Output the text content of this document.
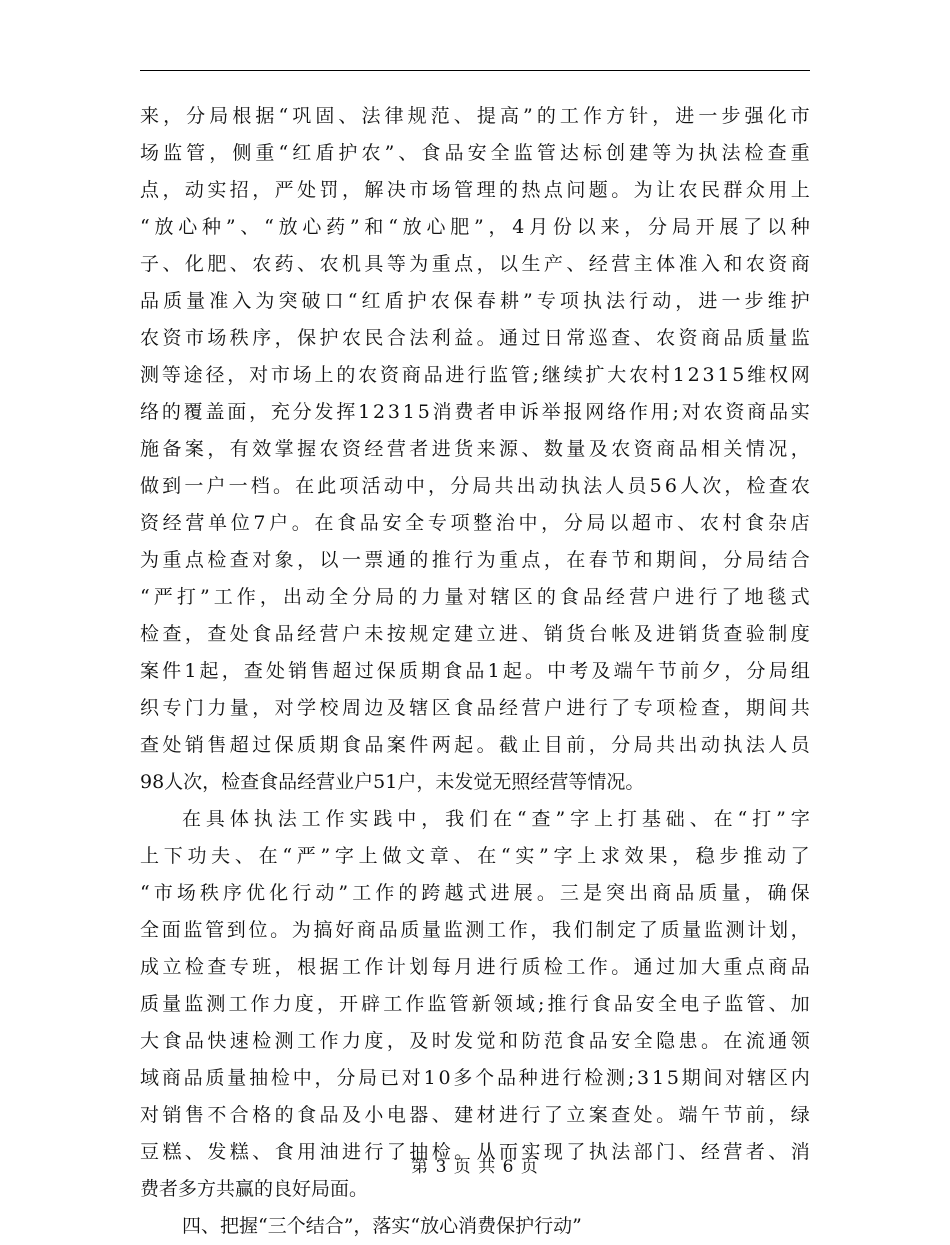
来 ， 分 局 根 据 “ 巩 固 、 法 律 规 范 、 提 高 ” 的 工 作 方 针 ， 进 一 步 强 化 市
场 监 管 ， 侧 重 “ 红 盾 护 农 ” 、 食 品 安 全 监 管 达 标 创 建 等 为 执 法 检 查 重
点 ， 动 实 招 ， 严 处 罚 ， 解 决 市 场 管 理 的 热 点 问 题 。 为 让 农 民 群 众 用 上
“ 放 心 种 ” 、 “ 放 心 药 ” 和 “ 放 心 肥 ” ， 4 月 份 以 来 ， 分 局 开 展 了 以 种
子 、 化 肥 、 农 药 、 农 机 具 等 为 重 点 ， 以 生 产 、 经 营 主 体 准 入 和 农 资 商
品 质 量 准 入 为 突 破 口 “ 红 盾 护 农 保 春 耕 ” 专 项 执 法 行 动 ， 进 一 步 维 护
农 资 市 场 秩 序 ， 保 护 农 民 合 法 利 益 。 通 过 日 常 巡 查 、 农 资 商 品 质 量 监
测 等 途 径 ， 对 市 场 上 的 农 资 商 品 进 行 监 管 ; 继 续 扩 大 农 村 1 2 3 1 5 维 权 网
络 的 覆 盖 面 ， 充 分 发 挥 1 2 3 1 5 消 费 者 申 诉 举 报 网 络 作 用 ; 对 农 资 商 品 实
施 备 案 ， 有 效 掌 握 农 资 经 营 者 进 货 来 源 、 数 量 及 农 资 商 品 相 关 情 况 ，
做 到 一 户 一 档 。 在 此 项 活 动 中 ， 分 局 共 出 动 执 法 人 员 5 6 人 次 ， 检 查 农
资 经 营 单 位 7 户 。 在 食 品 安 全 专 项 整 治 中 ， 分 局 以 超 市 、 农 村 食 杂 店
为 重 点 检 查 对 象 ， 以 一 票 通 的 推 行 为 重 点 ， 在 春 节 和 期 间 ， 分 局 结 合
“ 严 打 ” 工 作 ， 出 动 全 分 局 的 力 量 对 辖 区 的 食 品 经 营 户 进 行 了 地 毯 式
检 查 ， 查 处 食 品 经 营 户 未 按 规 定 建 立 进 、 销 货 台 帐 及 进 销 货 查 验 制 度
案 件 1 起 ， 查 处 销 售 超 过 保 质 期 食 品 1 起 。 中 考 及 端 午 节 前 夕 ， 分 局 组
织 专 门 力 量 ， 对 学 校 周 边 及 辖 区 食 品 经 营 户 进 行 了 专 项 检 查 ， 期 间 共
查 处 销 售 超 过 保 质 期 食 品 案 件 两 起 。 截 止 目 前 ， 分 局 共 出 动 执 法 人 员
98人次，检查食品经营业户51户，未发觉无照经营等情况。
在 具 体 执 法 工 作 实 践 中 ， 我 们 在 “ 查 ” 字 上 打 基 础 、 在 “ 打 ” 字
上 下 功 夫 、 在 “ 严 ” 字 上 做 文 章 、 在 “ 实 ” 字 上 求 效 果 ， 稳 步 推 动 了
“ 市 场 秩 序 优 化 行 动 ” 工 作 的 跨 越 式 进 展 。 三 是 突 出 商 品 质 量 ， 确 保
全 面 监 管 到 位 。 为 搞 好 商 品 质 量 监 测 工 作 ， 我 们 制 定 了 质 量 监 测 计 划 ，
成 立 检 查 专 班 ， 根 据 工 作 计 划 每 月 进 行 质 检 工 作 。 通 过 加 大 重 点 商 品
质 量 监 测 工 作 力 度 ， 开 辟 工 作 监 管 新 领 域 ; 推 行 食 品 安 全 电 子 监 管 、 加
大 食 品 快 速 检 测 工 作 力 度 ， 及 时 发 觉 和 防 范 食 品 安 全 隐 患 。 在 流 通 领
域 商 品 质 量 抽 检 中 ， 分 局 已 对 1 0 多 个 品 种 进 行 检 测 ; 3 1 5 期 间 对 辖 区 内
对 销 售 不 合 格 的 食 品 及 小 电 器 、 建 材 进 行 了 立 案 查 处 。 端 午 节 前 ， 绿
豆 糕 、 发 糕 、 食 用 油 进 行 了 抽 检 。 从 而 实 现 了 执 法 部 门 、 经 营 者 、 消
费者多方共赢的良好局面。
四、把握“三个结合”，落实“放心消费保护行动”
第 3 页 共 6 页
